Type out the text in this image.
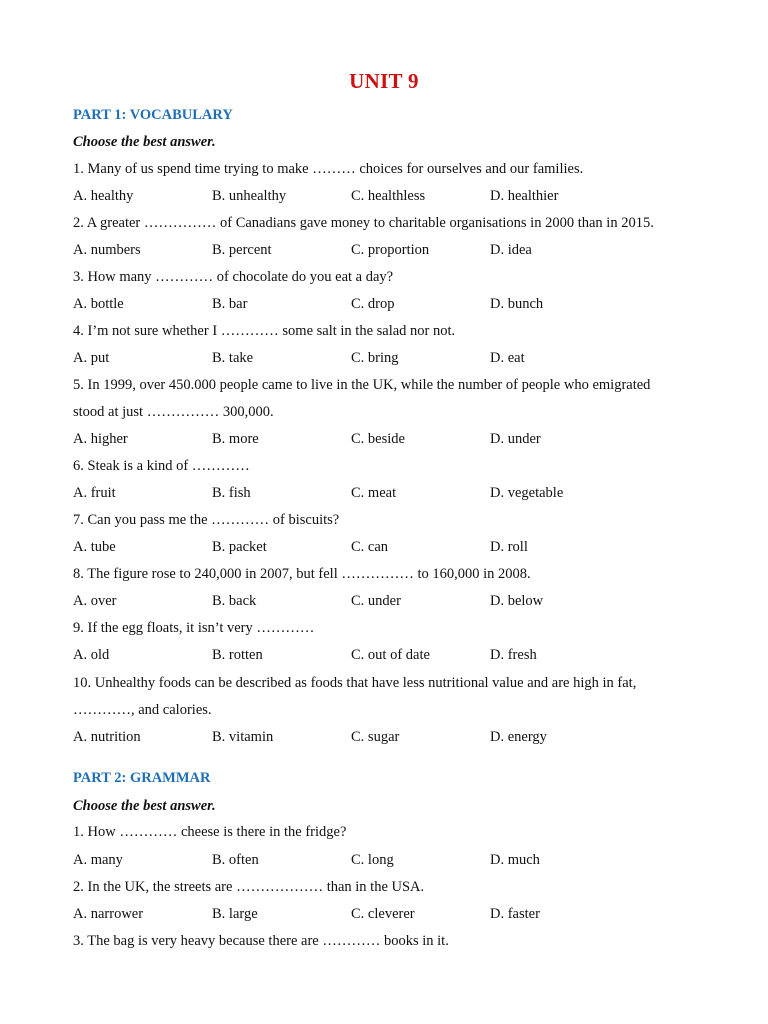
UNIT 9
PART 1: VOCABULARY
Choose the best answer.
1. Many of us spend time trying to make ……… choices for ourselves and our families.
A. healthy	B. unhealthy	C. healthless	D. healthier
2. A greater …………… of Canadians gave money to charitable organisations in 2000 than in 2015.
A. numbers	B. percent	C. proportion	D. idea
3. How many ………… of chocolate do you eat a day?
A. bottle	B. bar	C. drop	D. bunch
4. I’m not sure whether I ………… some salt in the salad nor not.
A. put	B. take	C. bring	D. eat
5. In 1999, over 450.000 people came to live in the UK, while the number of people who emigrated
stood at just …………… 300,000.
A. higher	B. more	C. beside	D. under
6. Steak is a kind of …………
A. fruit	B. fish	C. meat	D. vegetable
7. Can you pass me the ………… of biscuits?
A. tube	B. packet	C. can	D. roll
8. The figure rose to 240,000 in 2007, but fell …………… to 160,000 in 2008.
A. over	B. back	C. under	D. below
9. If the egg floats, it isn’t very …………
A. old	B. rotten	C. out of date	D. fresh
10. Unhealthy foods can be described as foods that have less nutritional value and are high in fat,
…………, and calories.
A. nutrition	B. vitamin	C. sugar	D. energy
PART 2: GRAMMAR
Choose the best answer.
1. How ………… cheese is there in the fridge?
A. many	B. often	C. long	D. much
2. In the UK, the streets are ……………… than in the USA.
A. narrower	B. large	C. cleverer	D. faster
3. The bag is very heavy because there are ………… books in it.
